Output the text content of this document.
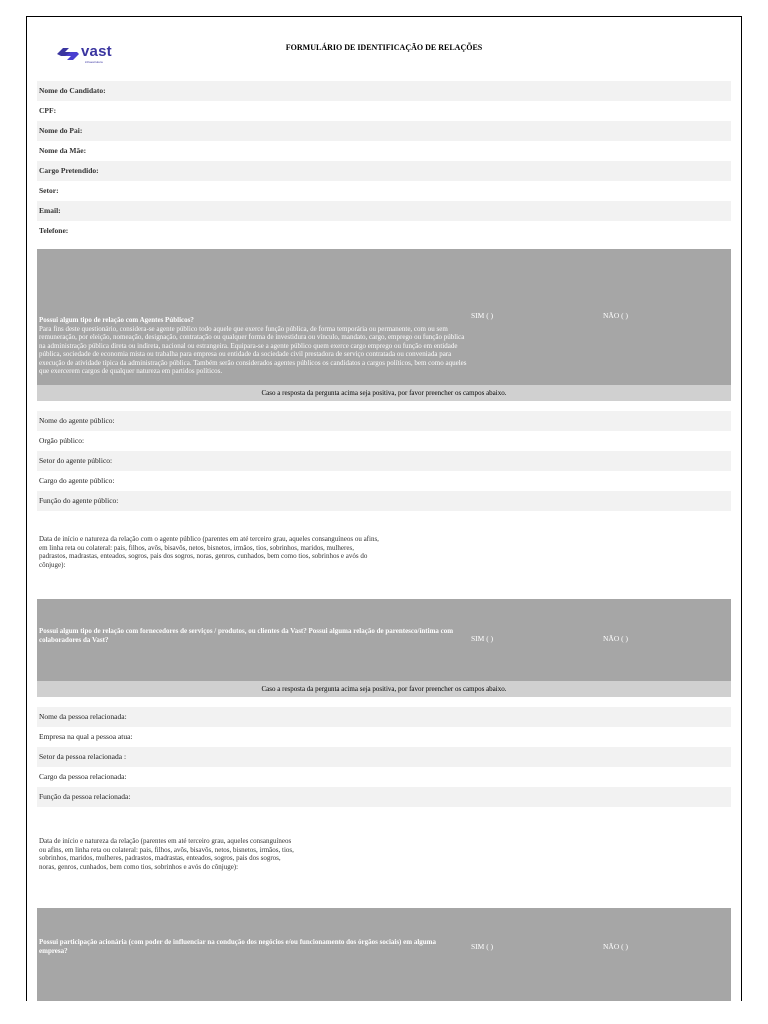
vast
infraestrutura
FORMULÁRIO DE IDENTIFICAÇÃO DE RELAÇÕES
Nome do Candidato:
CPF:
Nome do Pai:
Nome da Mãe:
Cargo Pretendido:
Setor:
Email:
Telefone:
Possui algum tipo de relação com Agentes Públicos?
Para fins deste questionário, considera-se agente público todo aquele que exerce função pública, de forma temporária ou permanente, com ou sem remuneração, por eleição, nomeação, designação, contratação ou qualquer forma de investidura ou vínculo, mandato, cargo, emprego ou função pública na administração pública direta ou indireta, nacional ou estrangeira. Equipara-se a agente público quem exerce cargo emprego ou função em entidade pública, sociedade de economia mista ou trabalha para empresa ou entidade da sociedade civil prestadora de serviço contratada ou conveniada para execução de atividade típica da administração pública. Também serão considerados agentes públicos os candidatos a cargos políticos, bem como aqueles que exercerem cargos de qualquer natureza em partidos políticos.
SIM ( )	NÃO ( )
Caso a resposta da pergunta acima seja positiva, por favor preencher os campos abaixo.
Nome do agente público:
Orgão público:
Setor do agente público:
Cargo do agente público:
Função do agente público:
Data de início e natureza da relação com o agente público (parentes em até terceiro grau, aqueles consanguíneos ou afins, em linha reta ou colateral: pais, filhos, avôs, bisavôs, netos, bisnetos, irmãos, tios, sobrinhos, maridos, mulheres, padrastos, madrastas, enteados, sogros, pais dos sogros, noras, genros, cunhados, bem como tios, sobrinhos e avós do cônjuge):
Possui algum tipo de relação com fornecedores de serviços / produtos, ou clientes da Vast? Possui alguma relação de parentesco/íntima com colaboradores da Vast?	SIM ( )	NÃO ( )
Caso a resposta da pergunta acima seja positiva, por favor preencher os campos abaixo.
Nome da pessoa relacionada:
Empresa na qual a pessoa atua:
Setor da pessoa relacionada :
Cargo da pessoa relacionada:
Função da pessoa relacionada:
Data de início e natureza da relação (parentes em até terceiro grau, aqueles consanguíneos ou afins, em linha reta ou colateral: pais, filhos, avôs, bisavôs, netos, bisnetos, irmãos, tios, sobrinhos, maridos, mulheres, padrastos, madrastas, enteados, sogros, pais dos sogros, noras, genros, cunhados, bem como tios, sobrinhos e avós do cônjuge):
Possui participação acionária (com poder de influenciar na condução dos negócios e/ou funcionamento dos órgãos sociais) em alguma empresa?	SIM ( )	NÃO ( )
